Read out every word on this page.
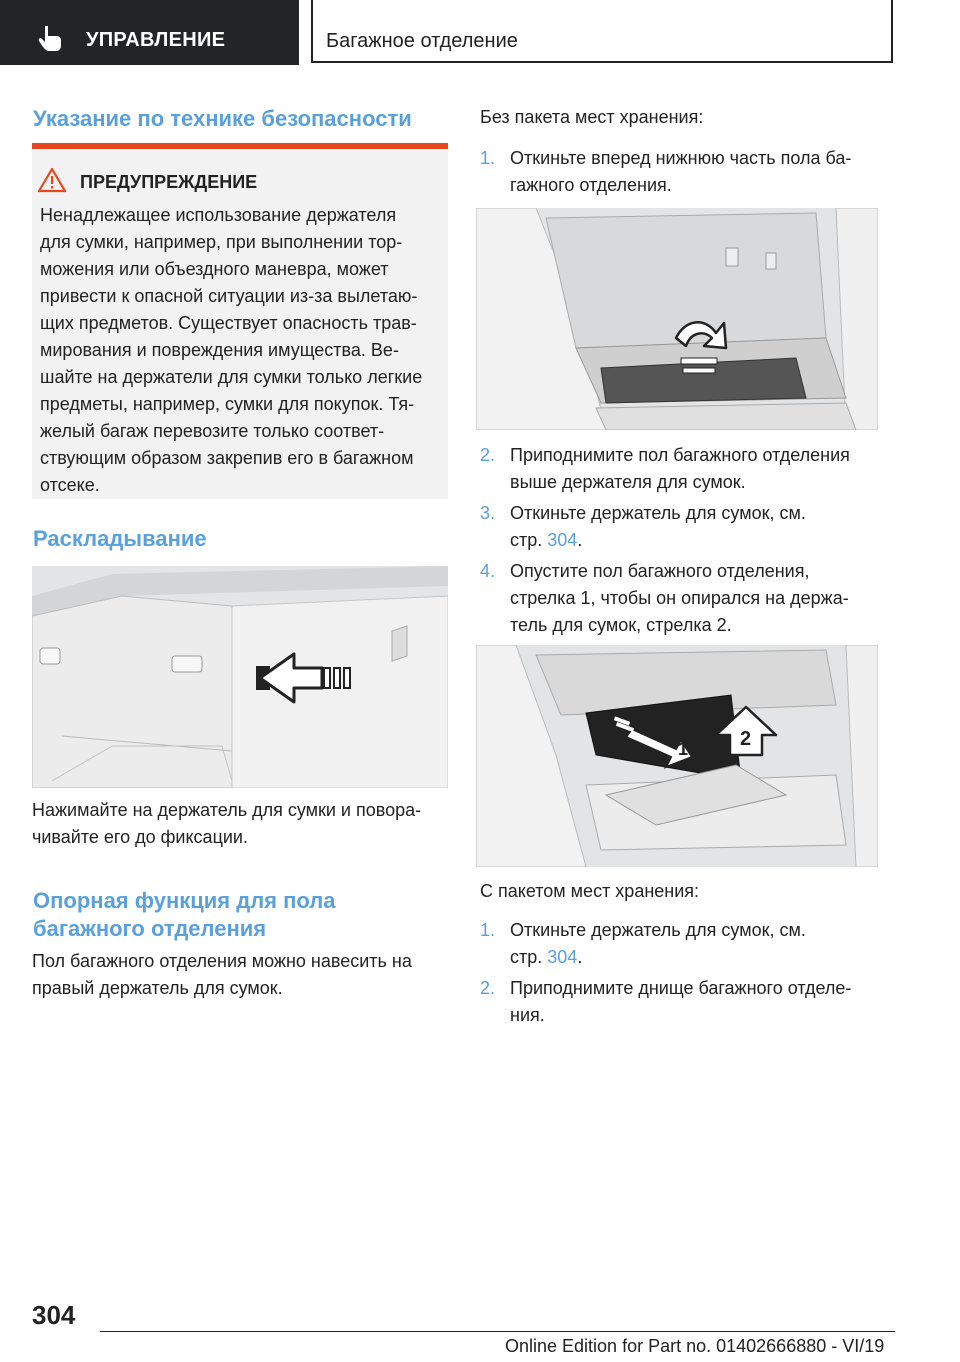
УПРАВЛЕНИЕ	Багажное отделение
Указание по технике безопасности
ПРЕДУПРЕЖДЕНИЕ
Ненадлежащее использование держателя
для сумки, например, при выполнении тор-
можения или объездного маневра, может
привести к опасной ситуации из-за вылетаю-
щих предметов. Существует опасность трав-
мирования и повреждения имущества. Ве-
шайте на держатели для сумки только легкие
предметы, например, сумки для покупок. Тя-
желый багаж перевозите только соответ-
ствующим образом закрепив его в багажном
отсеке.
Раскладывание
Нажимайте на держатель для сумки и повора-
чивайте его до фиксации.
Опорная функция для пола
багажного отделения
Пол багажного отделения можно навесить на
правый держатель для сумок.
Без пакета мест хранения:
1. Откиньте вперед нижнюю часть пола ба-
гажного отделения.
2. Приподнимите пол багажного отделения
выше держателя для сумок.
3. Откиньте держатель для сумок, см.
стр. 304.
4. Опустите пол багажного отделения,
стрелка 1, чтобы он опирался на держа-
тель для сумок, стрелка 2.
1	2
С пакетом мест хранения:
1. Откиньте держатель для сумок, см.
стр. 304.
2. Приподнимите днище багажного отделе-
ния.
304
Online Edition for Part no. 01402666880 - VI/19
